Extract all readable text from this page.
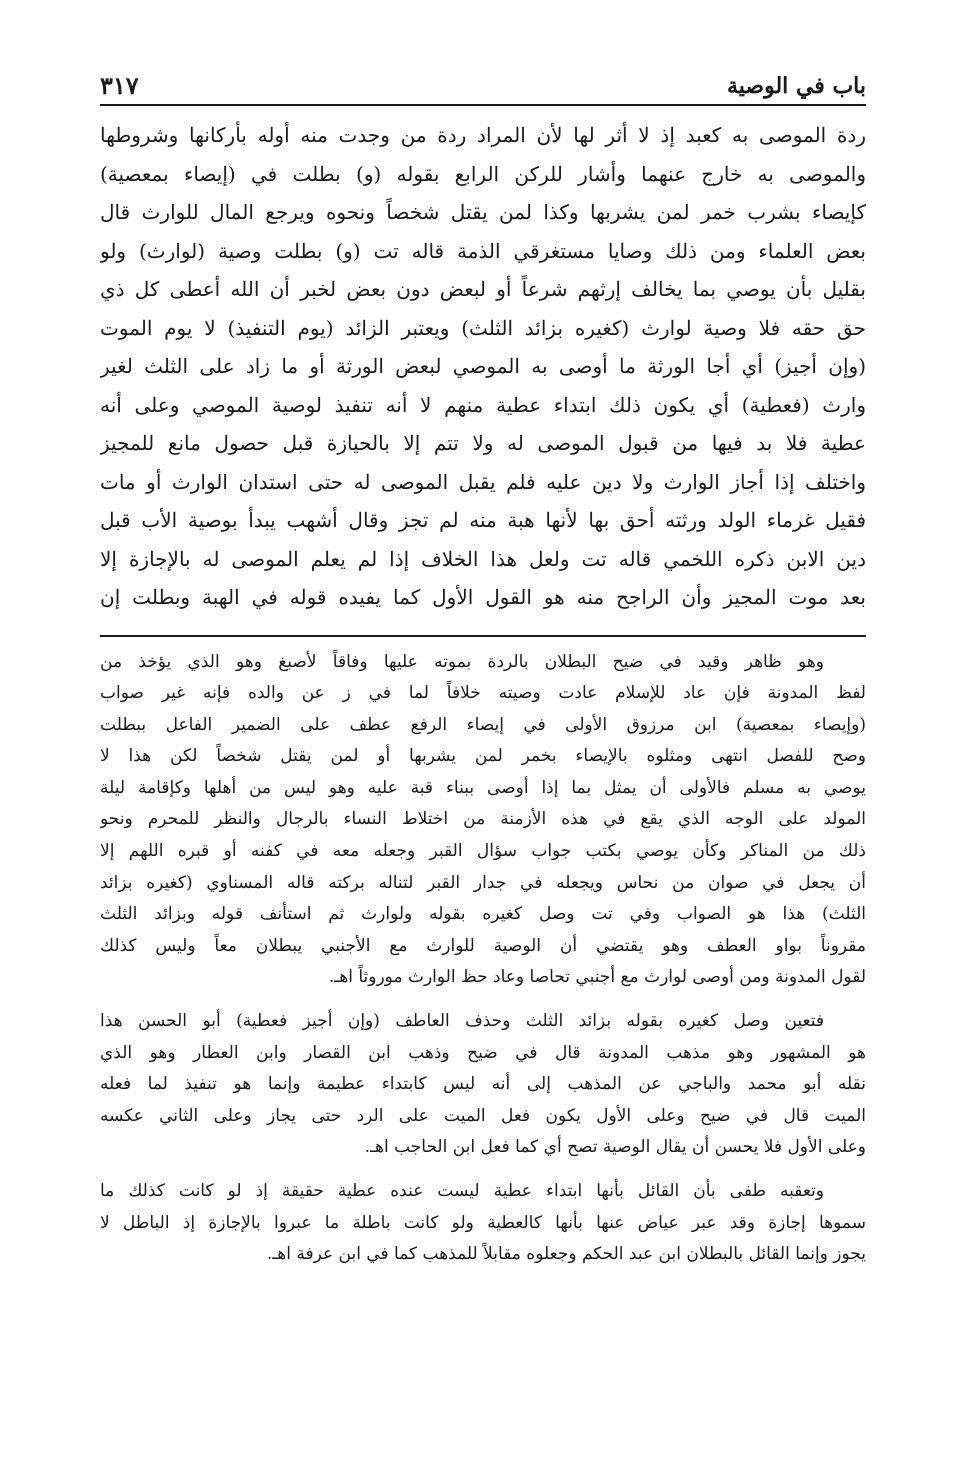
باب في الوصية
٣١٧
ردة الموصى به كعبد إذ لا أثر لها لأن المراد ردة من وجدت منه أوله بأركانها وشروطها
والموصى به خارج عنهما وأشار للركن الرابع بقوله (و) بطلت في (إيصاء بمعصية)
كإيصاء بشرب خمر لمن يشربها وكذا لمن يقتل شخصاً ونحوه ويرجع المال للوارث قال
بعض العلماء ومن ذلك وصايا مستغرقي الذمة قاله تت (و) بطلت وصية (لوارث) ولو
بقليل بأن يوصي بما يخالف إرثهم شرعاً أو لبعض دون بعض لخبر أن الله أعطى كل ذي
حق حقه فلا وصية لوارث (كغيره بزائد الثلث) ويعتبر الزائد (يوم التنفيذ) لا يوم الموت
(وإن أجيز) أي أجا الورثة ما أوصى به الموصي لبعض الورثة أو ما زاد على الثلث لغير
وارث (فعطية) أي يكون ذلك ابتداء عطية منهم لا أنه تنفيذ لوصية الموصي وعلى أنه
عطية فلا بد فيها من قبول الموصى له ولا تتم إلا بالحيازة قبل حصول مانع للمجيز
واختلف إذا أجاز الوارث ولا دين عليه فلم يقبل الموصى له حتى استدان الوارث أو مات
فقيل غرماء الولد ورثته أحق بها لأنها هبة منه لم تجز وقال أشهب يبدأ بوصية الأب قبل
دين الابن ذكره اللخمي قاله تت ولعل هذا الخلاف إذا لم يعلم الموصى له بالإجازة إلا
بعد موت المجيز وأن الراجح منه هو القول الأول كما يفيده قوله في الهبة وبطلت إن
وهو ظاهر وقيد في ضيح البطلان بالردة بموته عليها وفاقاً لأصبغ وهو الذي يؤخذ من
لفظ المدونة فإن عاد للإسلام عادت وصيته خلافاً لما في ز عن والده فإنه غير صواب
(وإيصاء بمعصية) ابن مرزوق الأولى في إيصاء الرفع عطف على الضمير الفاعل ببطلت
وصح للفصل انتهى ومثلوه بالإيصاء بخمر لمن يشربها أو لمن يقتل شخصاً لكن هذا لا
يوصي به مسلم فالأولى أن يمثل بما إذا أوصى ببناء قبة عليه وهو ليس من أهلها وكإقامة ليلة
المولد على الوجه الذي يقع في هذه الأزمنة من اختلاط النساء بالرجال والنظر للمحرم ونحو
ذلك من المناكر وكأن يوصي بكتب جواب سؤال القبر وجعله معه في كفنه أو قبره اللهم إلا
أن يجعل في صوان من نحاس ويجعله في جدار القبر لتناله بركته قاله المسناوي (كغيره بزائد
الثلث) هذا هو الصواب وفي تت وصل كغيره بقوله ولوارث ثم استأنف قوله وبزائد الثلث
مقروناً بواو العطف وهو يقتضي أن الوصية للوارث مع الأجنبي يبطلان معاً وليس كذلك
لقول المدونة ومن أوصى لوارث مع أجنبي تحاصا وعاد حظ الوارث موروثاً اهـ.
فتعين وصل كغيره بقوله بزائد الثلث وحذف العاطف (وإن أجيز فعطية) أبو الحسن هذا
هو المشهور وهو مذهب المدونة قال في ضيح وذهب ابن القصار وابن العطار وهو الذي
نقله أبو محمد والباجي عن المذهب إلى أنه ليس كابتداء عطيمة وإنما هو تنفيذ لما فعله
الميت قال في ضيح وعلى الأول يكون فعل الميت على الرد حتى يجاز وعلى الثاني عكسه
وعلى الأول فلا يحسن أن يقال الوصية تصح أي كما فعل ابن الحاجب اهـ.
وتعقبه طفى بأن القائل بأنها ابتداء عطية ليست عنده عطية حقيقة إذ لو كانت كذلك ما
سموها إجازة وقد عبر عياض عنها بأنها كالعطية ولو كانت باطلة ما عبروا بالإجازة إذ الباطل لا
يجوز وإنما القائل بالبطلان ابن عبد الحكم وجعلوه مقابلاً للمذهب كما في ابن عرفة اهـ.
